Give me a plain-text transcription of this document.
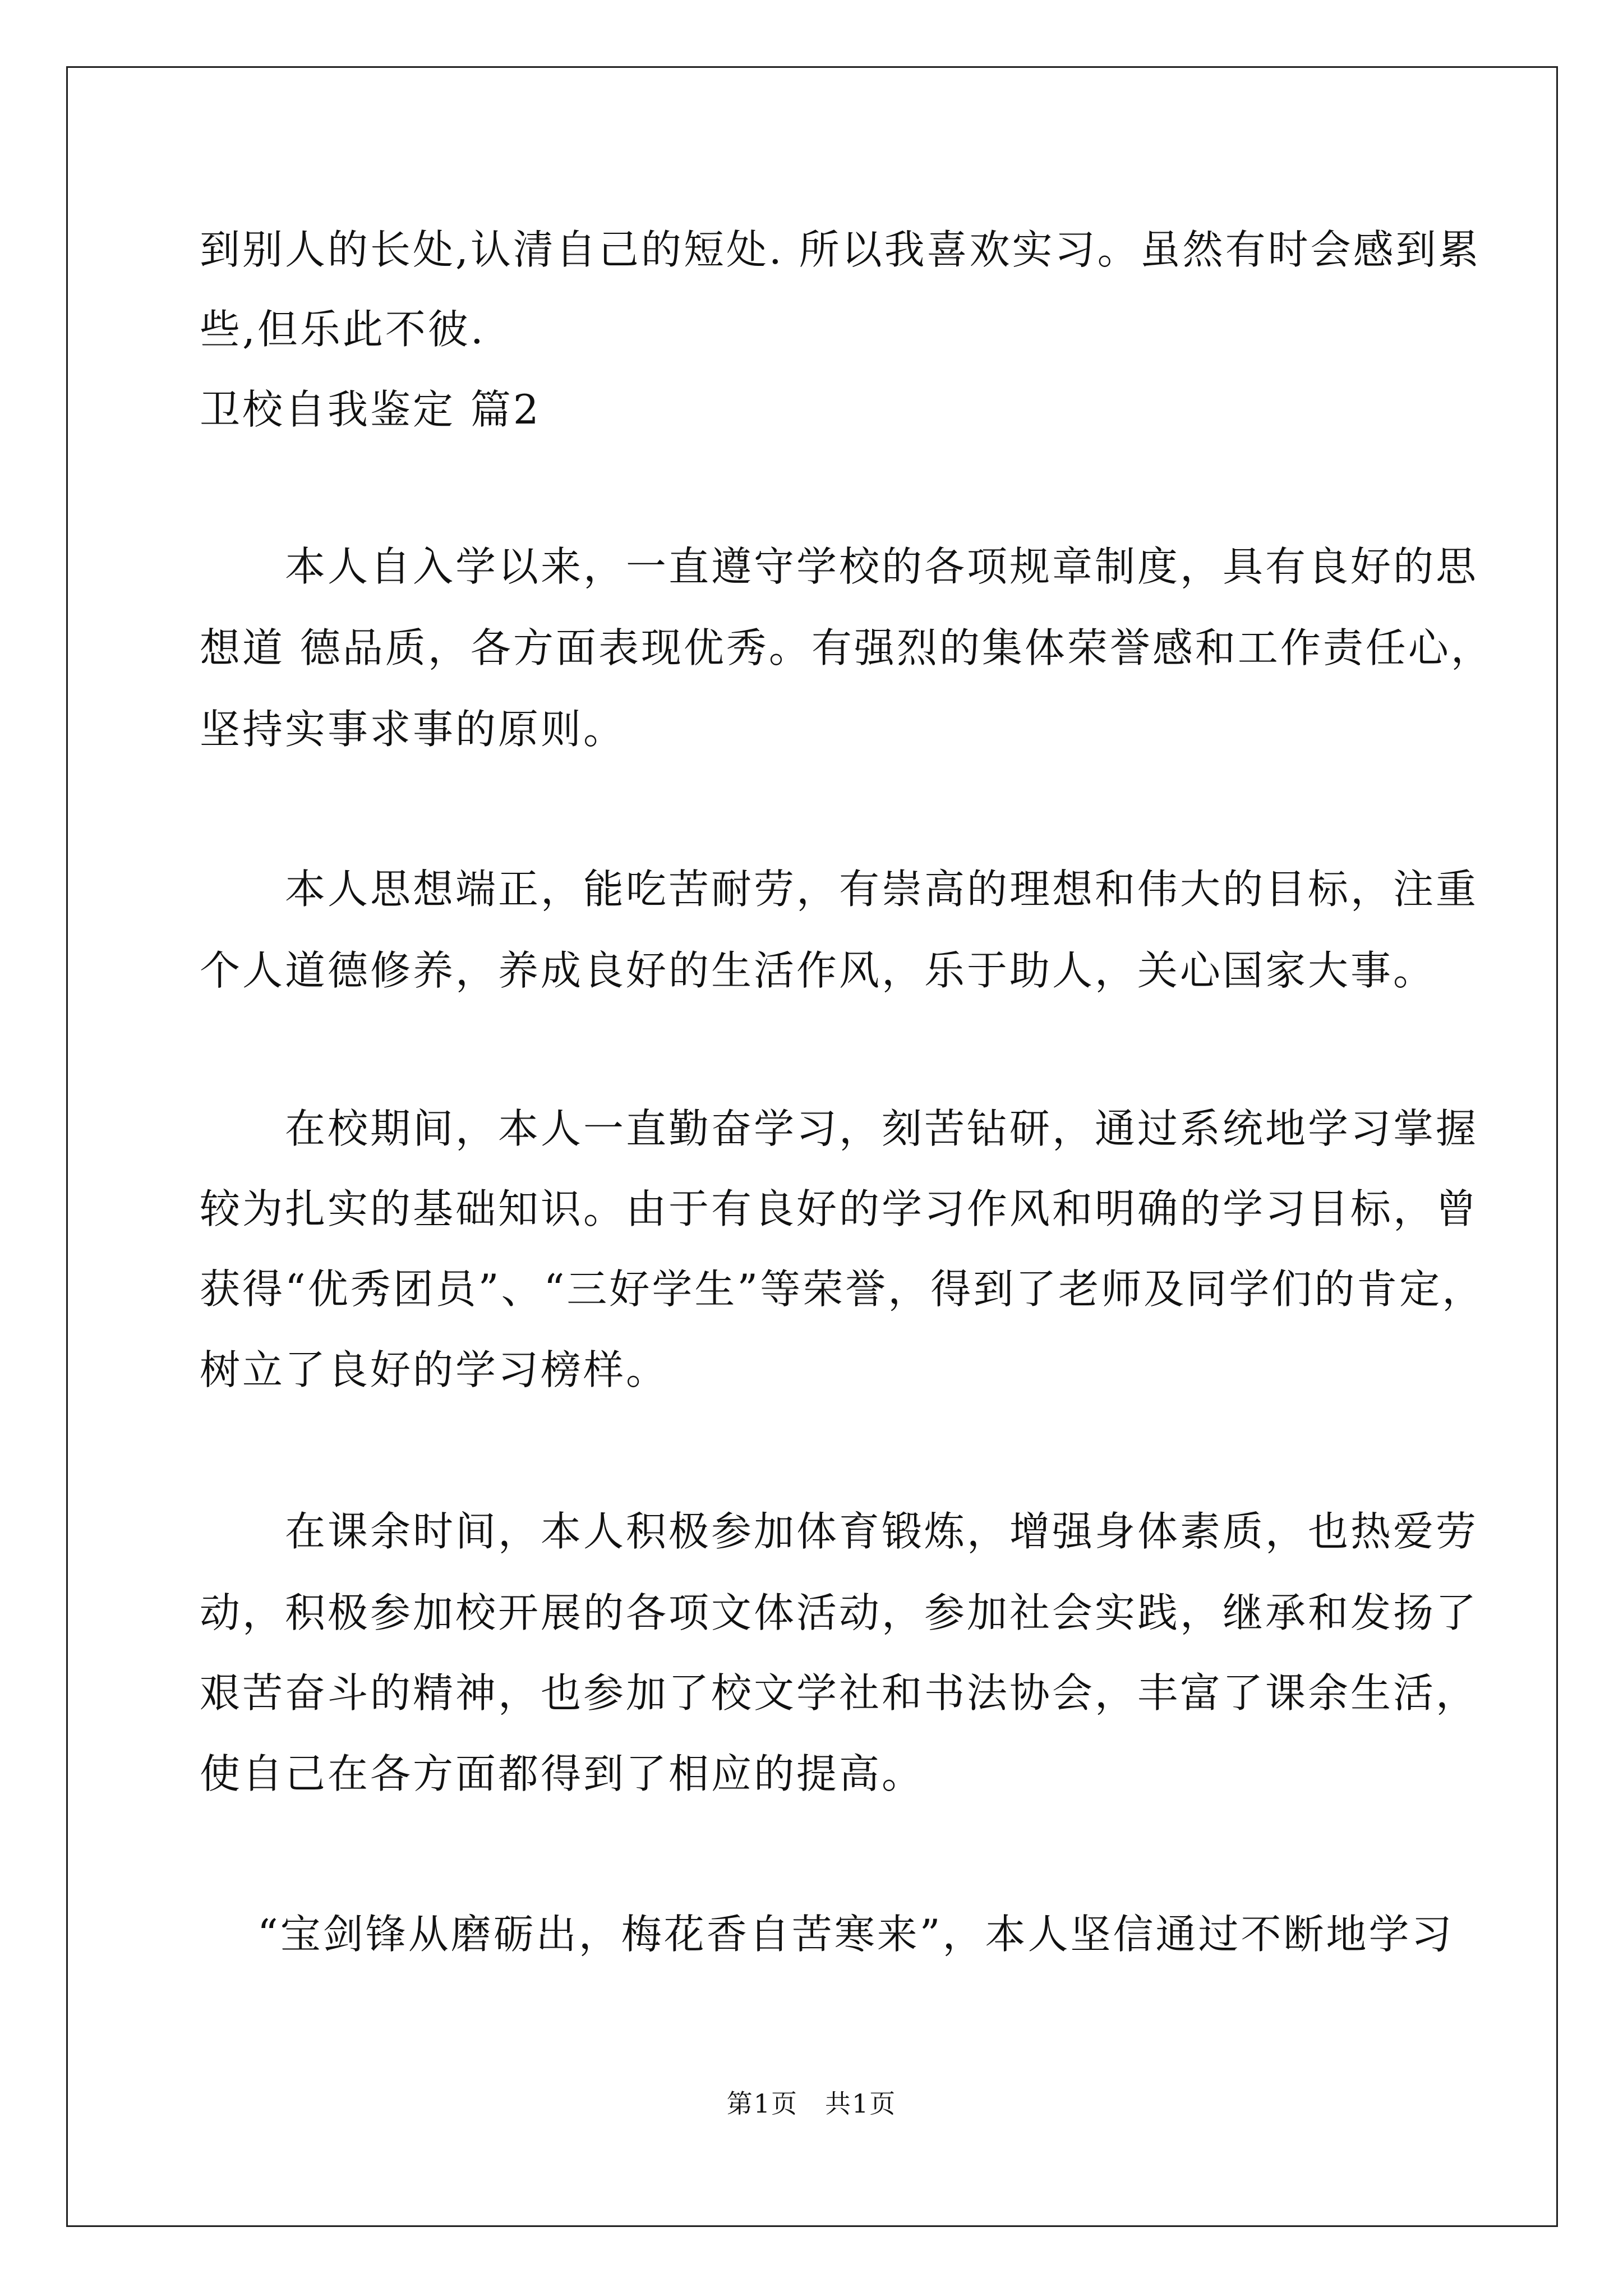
到别人的长处,认清自己的短处. 所以我喜欢实习。虽然有时会感到累
些,但乐此不彼.
卫校自我鉴定 篇2
　　本人自入学以来，一直遵守学校的各项规章制度，具有良好的思
想道 德品质，各方面表现优秀。有强烈的集体荣誉感和工作责任心，
坚持实事求事的原则。
　　本人思想端正，能吃苦耐劳，有崇高的理想和伟大的目标，注重
个人道德修养，养成良好的生活作风，乐于助人，关心国家大事。
　　在校期间，本人一直勤奋学习，刻苦钻研，通过系统地学习掌握
较为扎实的基础知识。由于有良好的学习作风和明确的学习目标，曾
获得“优秀团员”、“三好学生”等荣誉，得到了老师及同学们的肯定，
树立了良好的学习榜样。
　　在课余时间，本人积极参加体育锻炼，增强身体素质，也热爱劳
动，积极参加校开展的各项文体活动，参加社会实践，继承和发扬了
艰苦奋斗的精神，也参加了校文学社和书法协会，丰富了课余生活，
使自己在各方面都得到了相应的提高。
　 “宝剑锋从磨砺出，梅花香自苦寒来”，本人坚信通过不断地学习
第1页　共1页
